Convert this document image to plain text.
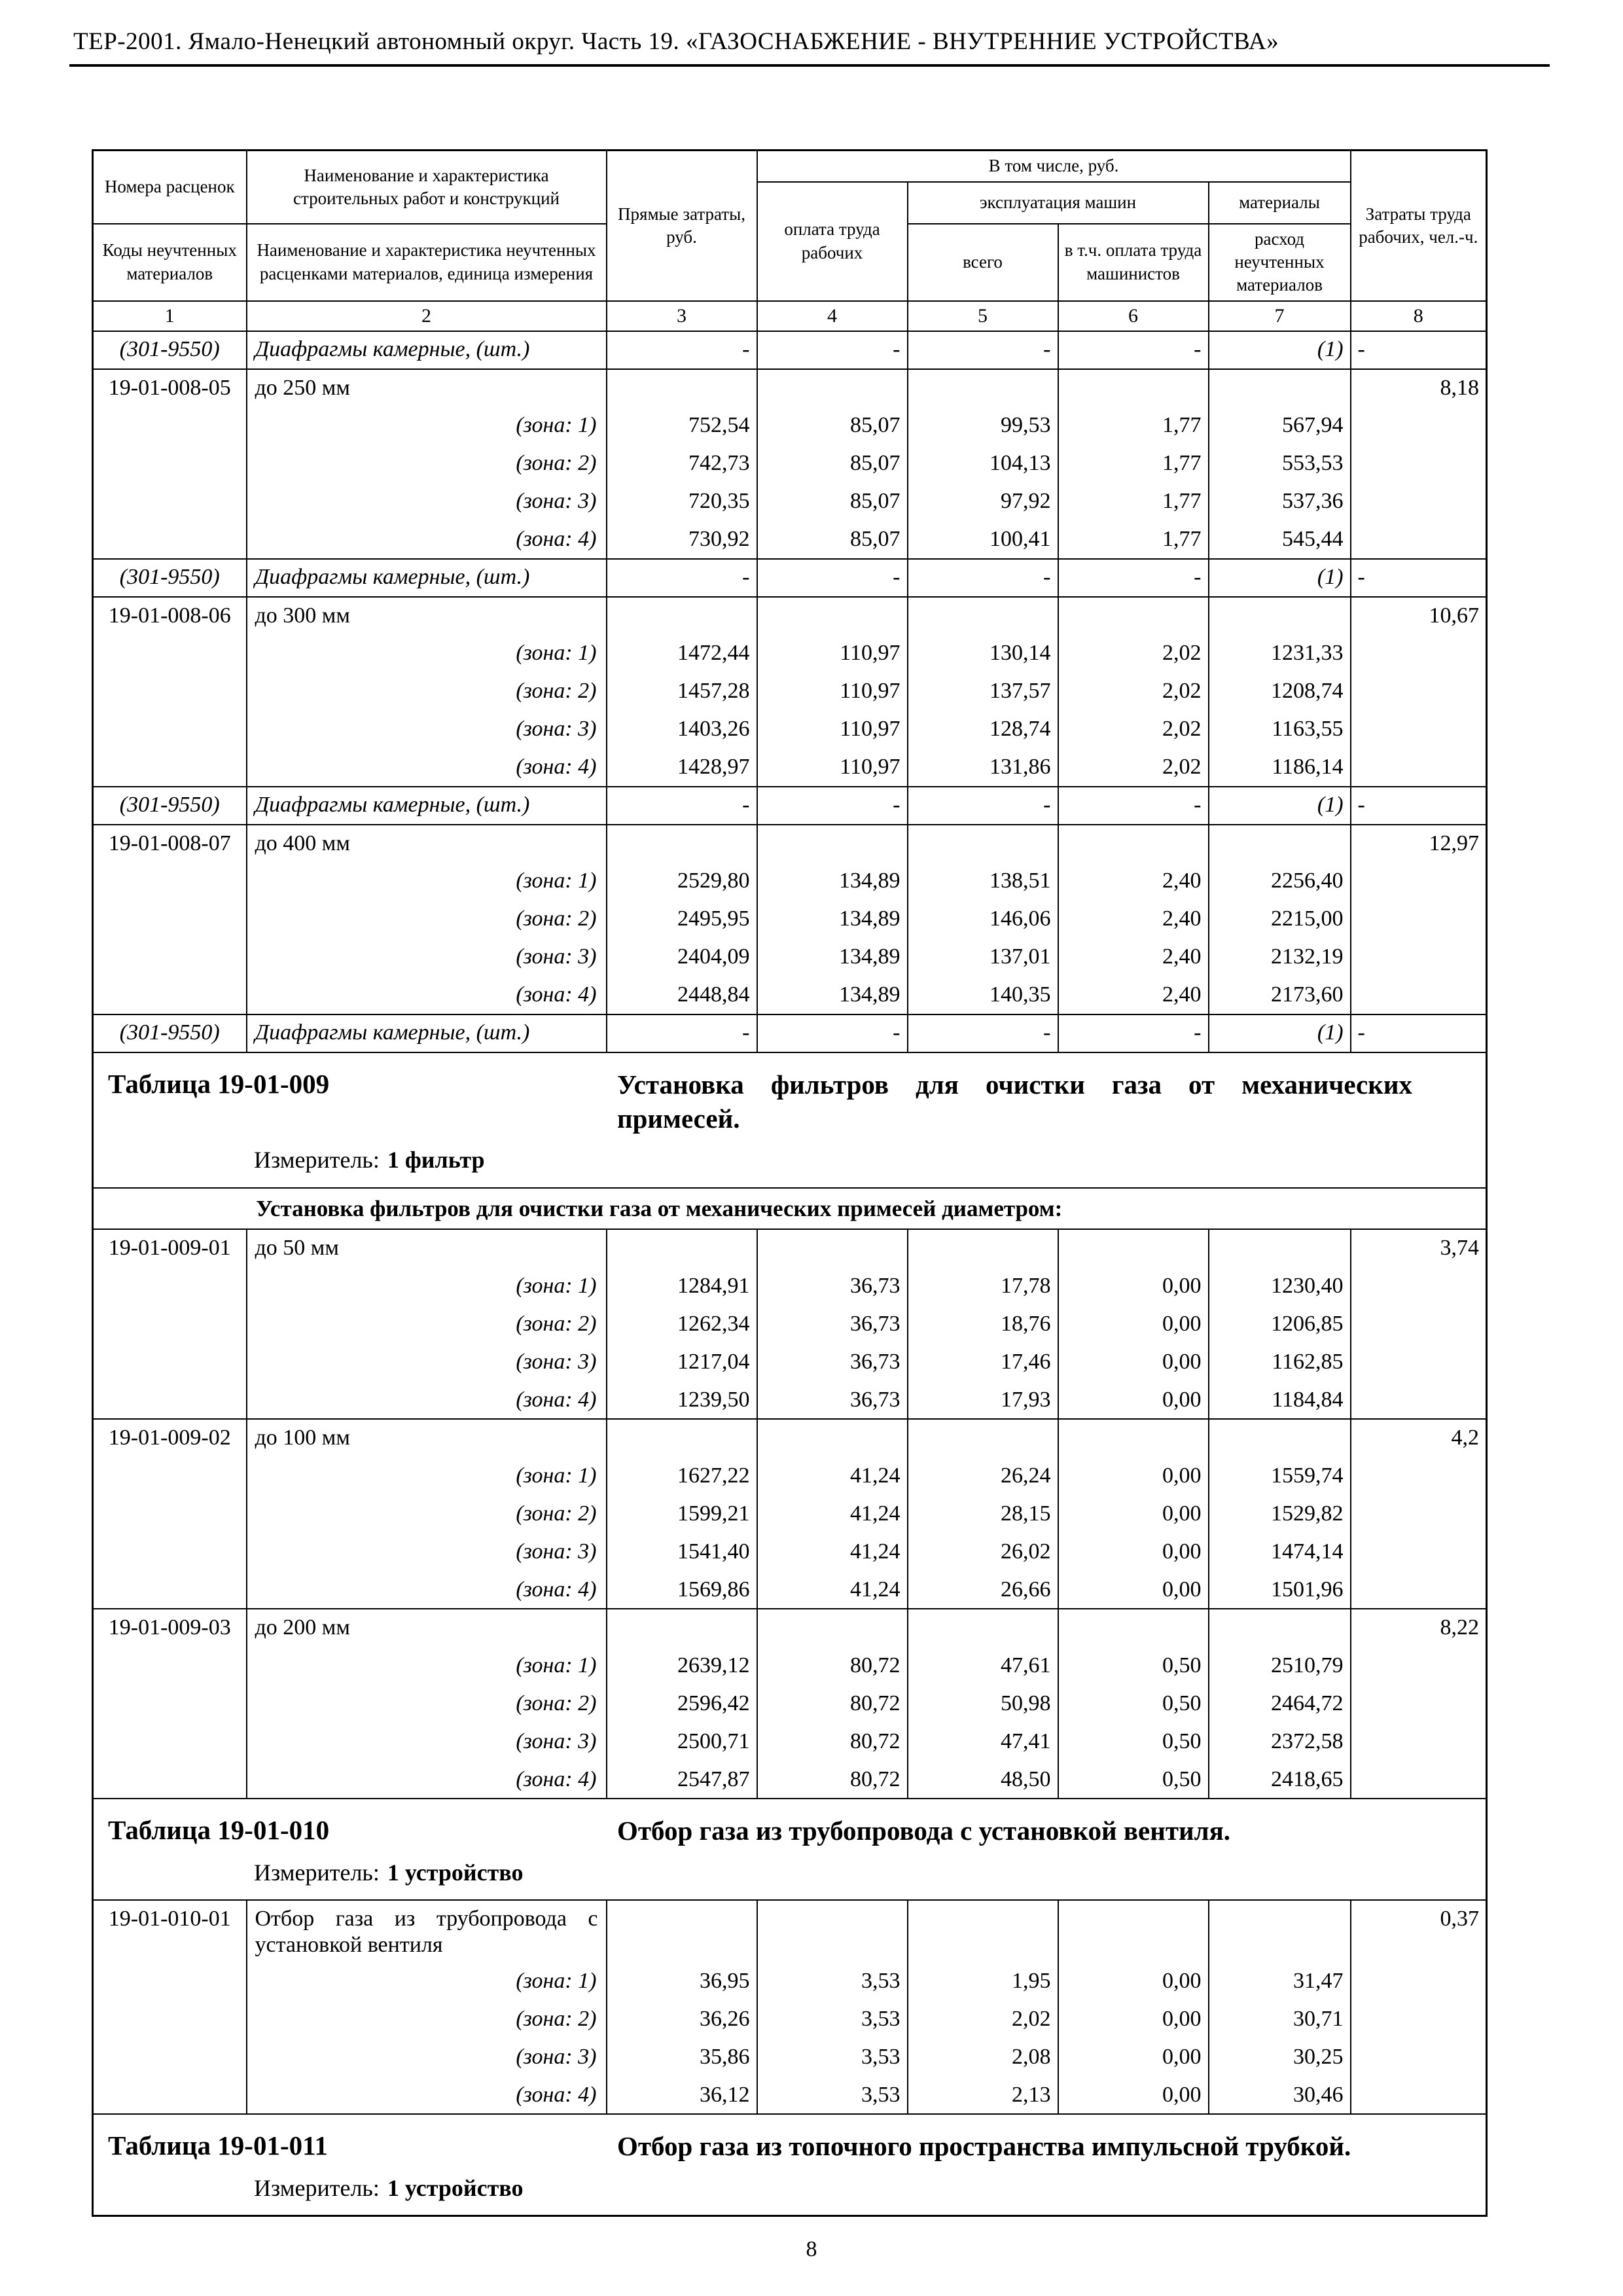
ТЕР-2001. Ямало-Ненецкий автономный округ. Часть 19. «ГАЗОСНАБЖЕНИЕ - ВНУТРЕННИЕ УСТРОЙСТВА»
Номера расценок	Наименование и характеристика строительных работ и конструкций	Прямые затраты, руб.	В том числе, руб.				Затраты труда рабочих, чел.-ч.
			оплата труда рабочих	эксплуатация машин		материалы	
Коды неучтенных материалов	Наименование и характеристика неучтенных расценками материалов, единица измерения			всего	в т.ч. оплата труда машинистов	расход неучтенных материалов	
1	2	3	4	5	6	7	8
(301-9550)	Диафрагмы камерные, (шт.)	-	-	-	-	(1)	-
19-01-008-05	до 250 мм						8,18
	(зона: 1)	752,54	85,07	99,53	1,77	567,94	
	(зона: 2)	742,73	85,07	104,13	1,77	553,53	
	(зона: 3)	720,35	85,07	97,92	1,77	537,36	
	(зона: 4)	730,92	85,07	100,41	1,77	545,44	
(301-9550)	Диафрагмы камерные, (шт.)	-	-	-	-	(1)	-
19-01-008-06	до 300 мм						10,67
	(зона: 1)	1472,44	110,97	130,14	2,02	1231,33	
	(зона: 2)	1457,28	110,97	137,57	2,02	1208,74	
	(зона: 3)	1403,26	110,97	128,74	2,02	1163,55	
	(зона: 4)	1428,97	110,97	131,86	2,02	1186,14	
(301-9550)	Диафрагмы камерные, (шт.)	-	-	-	-	(1)	-
19-01-008-07	до 400 мм						12,97
	(зона: 1)	2529,80	134,89	138,51	2,40	2256,40	
	(зона: 2)	2495,95	134,89	146,06	2,40	2215,00	
	(зона: 3)	2404,09	134,89	137,01	2,40	2132,19	
	(зона: 4)	2448,84	134,89	140,35	2,40	2173,60	
(301-9550)	Диафрагмы камерные, (шт.)	-	-	-	-	(1)	-

Таблица 19-01-009 Установка фильтров для очистки газа от механических примесей.
Измеритель: 1 фильтр							

Установка фильтров для очистки газа от механических примесей диаметром:							
19-01-009-01	до 50 мм						3,74
	(зона: 1)	1284,91	36,73	17,78	0,00	1230,40	
	(зона: 2)	1262,34	36,73	18,76	0,00	1206,85	
	(зона: 3)	1217,04	36,73	17,46	0,00	1162,85	
	(зона: 4)	1239,50	36,73	17,93	0,00	1184,84	
19-01-009-02	до 100 мм						4,2
	(зона: 1)	1627,22	41,24	26,24	0,00	1559,74	
	(зона: 2)	1599,21	41,24	28,15	0,00	1529,82	
	(зона: 3)	1541,40	41,24	26,02	0,00	1474,14	
	(зона: 4)	1569,86	41,24	26,66	0,00	1501,96	
19-01-009-03	до 200 мм						8,22
	(зона: 1)	2639,12	80,72	47,61	0,50	2510,79	
	(зона: 2)	2596,42	80,72	50,98	0,50	2464,72	
	(зона: 3)	2500,71	80,72	47,41	0,50	2372,58	
	(зона: 4)	2547,87	80,72	48,50	0,50	2418,65	

Таблица 19-01-010 Отбор газа из трубопровода с установкой вентиля.
Измеритель: 1 устройство							

19-01-010-01	Отбор газа из трубопровода с установкой вентиля						0,37
	(зона: 1)	36,95	3,53	1,95	0,00	31,47	
	(зона: 2)	36,26	3,53	2,02	0,00	30,71	
	(зона: 3)	35,86	3,53	2,08	0,00	30,25	
	(зона: 4)	36,12	3,53	2,13	0,00	30,46	

Таблица 19-01-011 Отбор газа из топочного пространства импульсной трубкой.
Измеритель: 1 устройство							
8
